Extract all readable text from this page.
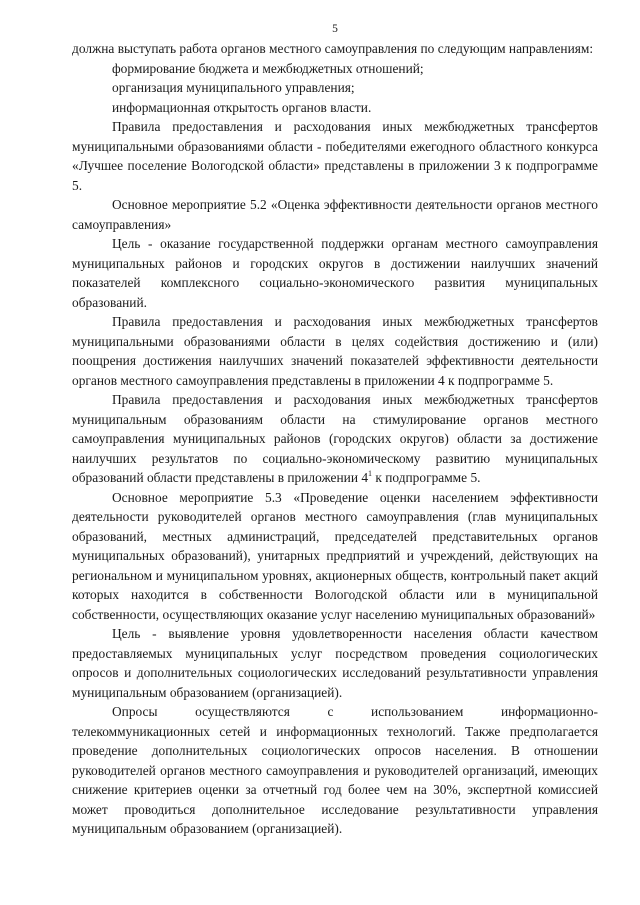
5

должна выступать работа органов местного самоуправления по следующим направлениям:

формирование бюджета и межбюджетных отношений;

организация муниципального управления;

информационная открытость органов власти.

Правила предоставления и расходования иных межбюджетных трансфертов муниципальными образованиями области - победителями ежегодного областного конкурса «Лучшее поселение Вологодской области» представлены в приложении 3 к подпрограмме 5.

Основное мероприятие 5.2 «Оценка эффективности деятельности органов местного самоуправления»

Цель - оказание государственной поддержки органам местного самоуправления муниципальных районов и городских округов в достижении наилучших значений показателей комплексного социально-экономического развития муниципальных образований.

Правила предоставления и расходования иных межбюджетных трансфертов муниципальными образованиями области в целях содействия достижению и (или) поощрения достижения наилучших значений показателей эффективности деятельности органов местного самоуправления представлены в приложении 4 к подпрограмме 5.

Правила предоставления и расходования иных межбюджетных трансфертов муниципальным образованиям области на стимулирование органов местного самоуправления муниципальных районов (городских округов) области за достижение наилучших результатов по социально-экономическому развитию муниципальных образований области представлены в приложении $4^1$ к подпрограмме 5.

Основное мероприятие 5.3 «Проведение оценки населением эффективности деятельности руководителей органов местного самоуправления (глав муниципальных образований, местных администраций, председателей представительных органов муниципальных образований), унитарных предприятий и учреждений, действующих на региональном и муниципальном уровнях, акционерных обществ, контрольный пакет акций которых находится в собственности Вологодской области или в муниципальной собственности, осуществляющих оказание услуг населению муниципальных образований»

Цель - выявление уровня удовлетворенности населения области качеством предоставляемых муниципальных услуг посредством проведения социологических опросов и дополнительных социологических исследований результативности управления муниципальным образованием (организацией).

Опросы осуществляются с использованием информационно-

телекоммуникационных сетей и информационных технологий. Также предполагается проведение дополнительных социологических опросов населения. В отношении руководителей органов местного самоуправления и руководителей организаций, имеющих снижение критериев оценки за отчетный год более чем на 30%, экспертной комиссией может проводиться дополнительное исследование результативности управления муниципальным образованием (организацией).
